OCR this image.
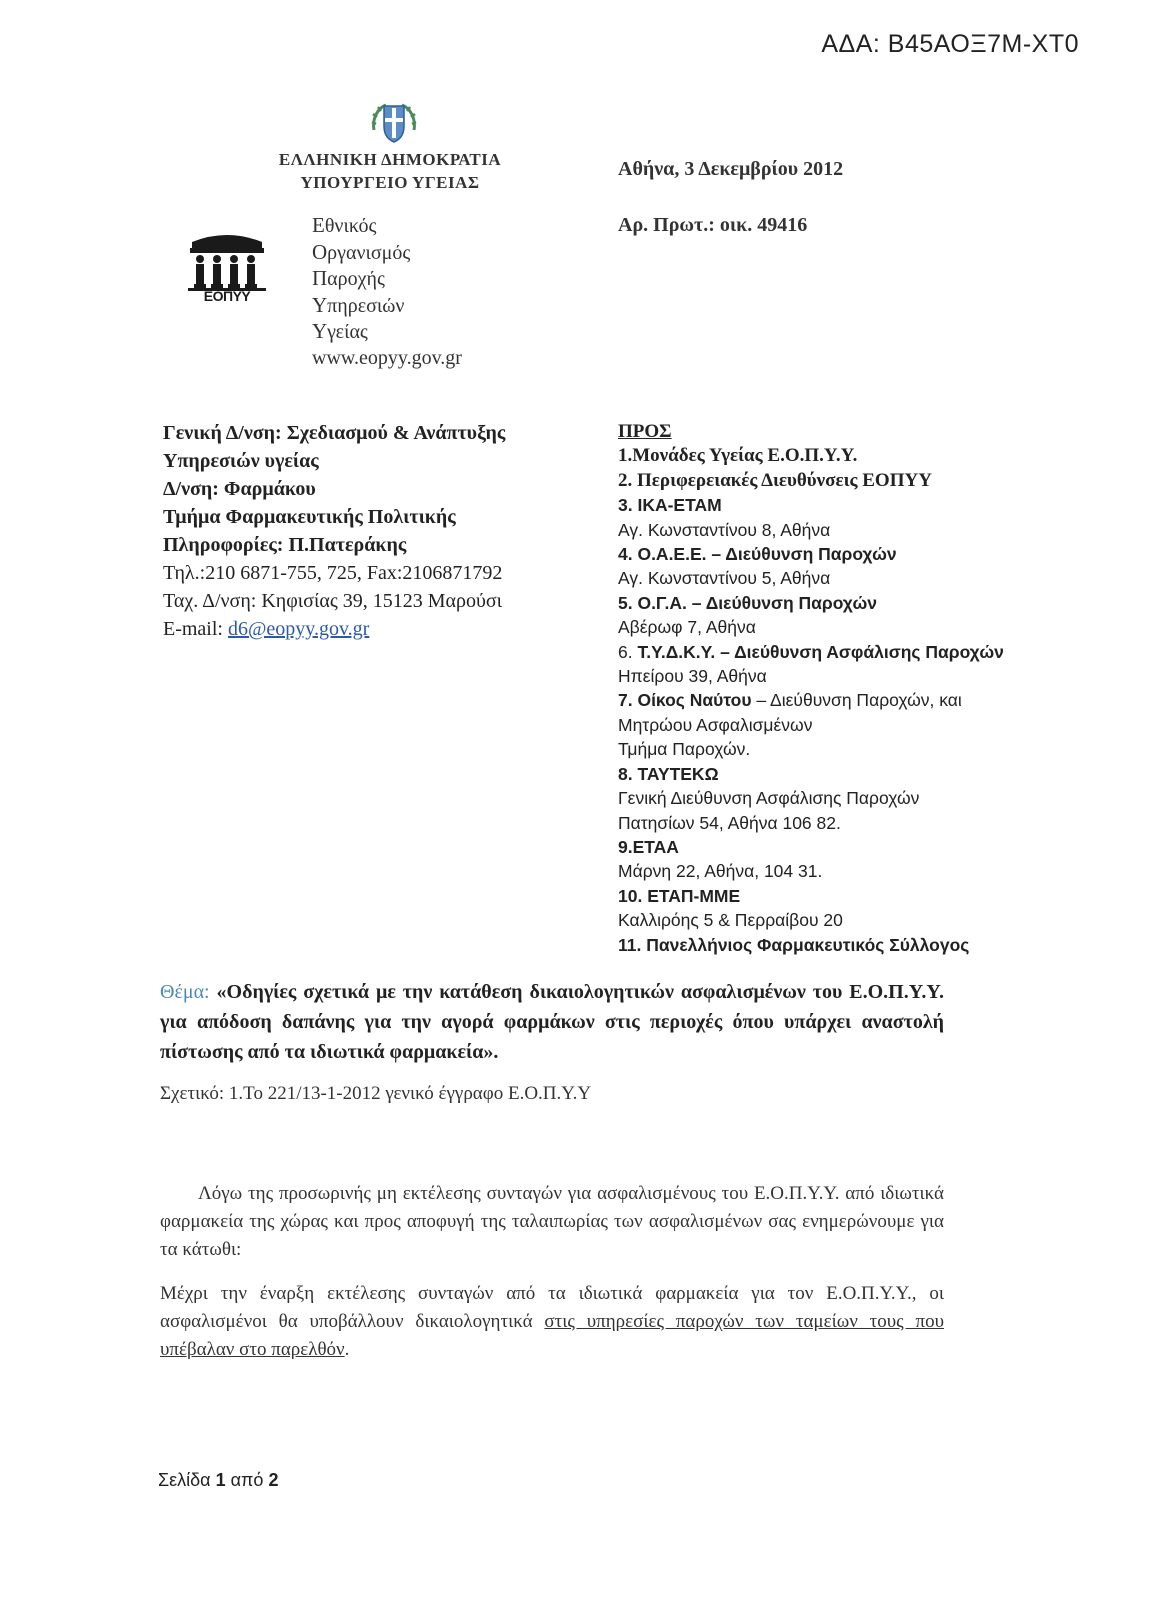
ΑΔΑ: Β45ΑΟΞ7Μ-ΧΤ0
ΕΛΛΗΝΙΚΗ ΔΗΜΟΚΡΑΤΙΑ
ΥΠΟΥΡΓΕΙΟ ΥΓΕΙΑΣ
ΕΟΠΥΥ
Εθνικός
Οργανισμός
Παροχής
Υπηρεσιών
Υγείας
www.eopyy.gov.gr
Αθήνα, 3 Δεκεμβρίου 2012
Αρ. Πρωτ.: οικ. 49416
Γενική Δ/νση: Σχεδιασμού & Ανάπτυξης
Υπηρεσιών υγείας
Δ/νση: Φαρμάκου
Τμήμα Φαρμακευτικής Πολιτικής
Πληροφορίες: Π.Πατεράκης
Τηλ.:210 6871-755, 725, Fax:2106871792
Ταχ. Δ/νση: Κηφισίας 39, 15123 Μαρούσι
E-mail: d6@eopyy.gov.gr
ΠΡΟΣ
1.Μονάδες Υγείας Ε.Ο.Π.Υ.Υ.
2. Περιφερειακές Διευθύνσεις ΕΟΠΥΥ
3. ΙΚΑ-ΕΤΑΜ
Αγ. Κωνσταντίνου 8, Αθήνα
4. Ο.Α.Ε.Ε. – Διεύθυνση Παροχών
Αγ. Κωνσταντίνου 5, Αθήνα
5. Ο.Γ.Α. – Διεύθυνση Παροχών
Αβέρωφ 7, Αθήνα
6. Τ.Υ.Δ.Κ.Υ. – Διεύθυνση Ασφάλισης Παροχών
Ηπείρου 39, Αθήνα
7. Οίκος Ναύτου – Διεύθυνση Παροχών, και
Μητρώου Ασφαλισμένων
Τμήμα Παροχών.
8. ΤΑΥΤΕΚΩ
Γενική Διεύθυνση Ασφάλισης Παροχών
Πατησίων 54, Αθήνα 106 82.
9.ΕΤΑΑ
Μάρνη 22, Αθήνα, 104 31.
10. ΕΤΑΠ-ΜΜΕ
Καλλιρόης 5 & Περραίβου 20
11. Πανελλήνιος Φαρμακευτικός Σύλλογος
Θέμα: «Οδηγίες σχετικά με την κατάθεση δικαιολογητικών ασφαλισμένων του Ε.Ο.Π.Υ.Υ. για απόδοση δαπάνης για την αγορά φαρμάκων στις περιοχές όπου υπάρχει αναστολή πίστωσης από τα ιδιωτικά φαρμακεία».
Σχετικό: 1.Το 221/13-1-2012 γενικό έγγραφο Ε.Ο.Π.Υ.Υ
Λόγω της προσωρινής μη εκτέλεσης συνταγών για ασφαλισμένους του Ε.Ο.Π.Υ.Υ. από ιδιωτικά φαρμακεία της χώρας και προς αποφυγή της ταλαιπωρίας των ασφαλισμένων σας ενημερώνουμε για τα κάτωθι:
Μέχρι την έναρξη εκτέλεσης συνταγών από τα ιδιωτικά φαρμακεία για τον Ε.Ο.Π.Υ.Υ., οι ασφαλισμένοι θα υποβάλλουν δικαιολογητικά στις υπηρεσίες παροχών των ταμείων τους που υπέβαλαν στο παρελθόν.
Σελίδα 1 από 2
